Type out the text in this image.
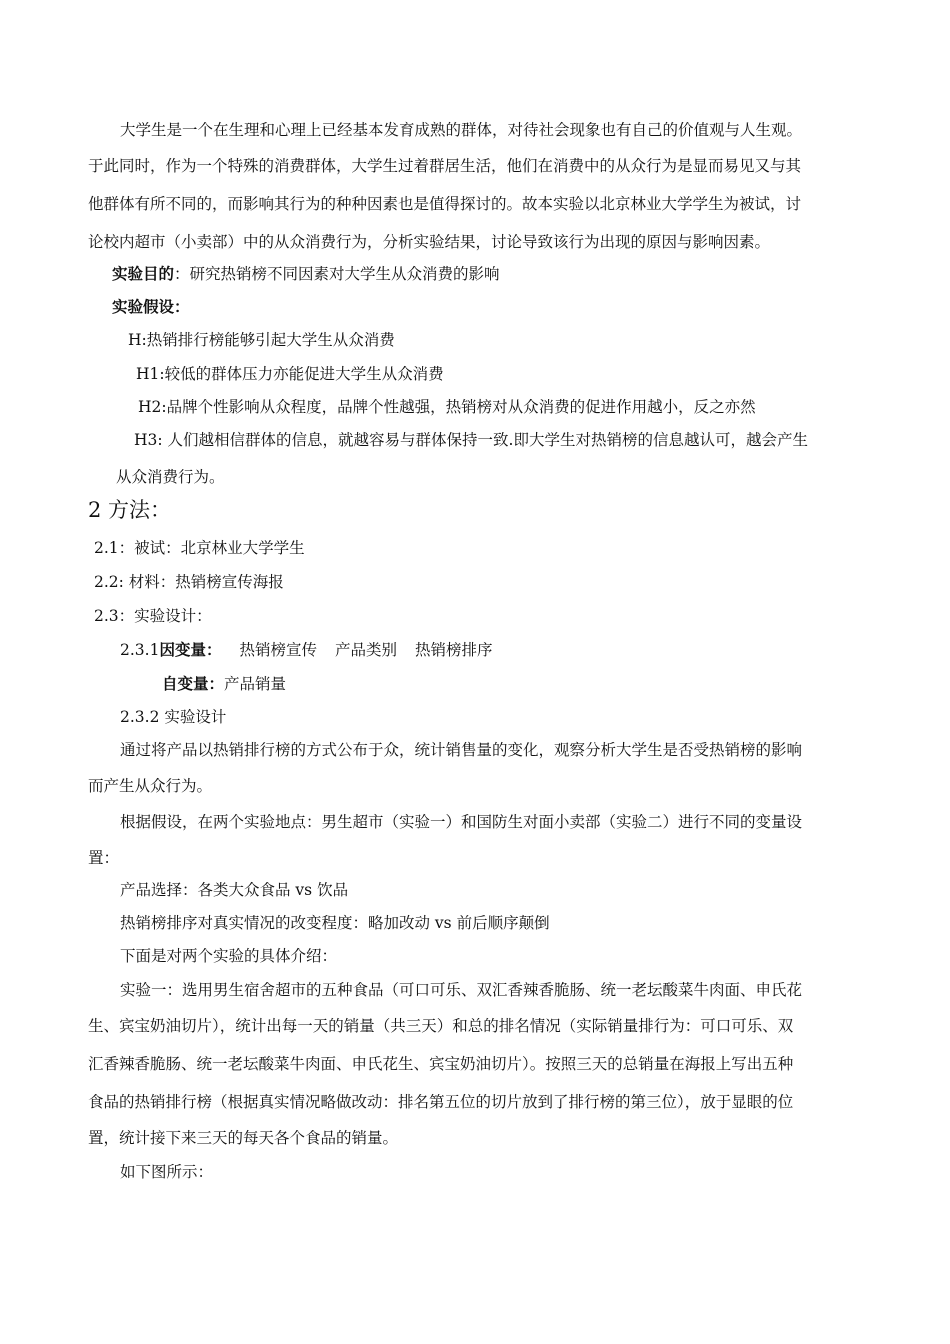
大学生是一个在生理和心理上已经基本发育成熟的群体，对待社会现象也有自己的价值观与人生观。
于此同时，作为一个特殊的消费群体，大学生过着群居生活，他们在消费中的从众行为是显而易见又与其
他群体有所不同的，而影响其行为的种种因素也是值得探讨的。故本实验以北京林业大学学生为被试，讨
论校内超市（小卖部）中的从众消费行为，分析实验结果，讨论导致该行为出现的原因与影响因素。
实验目的：研究热销榜不同因素对大学生从众消费的影响
实验假设：
H:热销排行榜能够引起大学生从众消费
H1:较低的群体压力亦能促进大学生从众消费
H2:品牌个性影响从众程度，品牌个性越强，热销榜对从众消费的促进作用越小，反之亦然
H3: 人们越相信群体的信息，就越容易与群体保持一致.即大学生对热销榜的信息越认可，越会产生
从众消费行为。
2 方法：
2.1：被试：北京林业大学学生
2.2: 材料：热销榜宣传海报
2.3：实验设计：
2.3.1因变量： 热销榜宣传 产品类别 热销榜排序
自变量：产品销量
2.3.2 实验设计
通过将产品以热销排行榜的方式公布于众，统计销售量的变化，观察分析大学生是否受热销榜的影响
而产生从众行为。
根据假设，在两个实验地点：男生超市（实验一）和国防生对面小卖部（实验二）进行不同的变量设
置：
产品选择：各类大众食品 vs 饮品
热销榜排序对真实情况的改变程度：略加改动 vs 前后顺序颠倒
下面是对两个实验的具体介绍：
实验一：选用男生宿舍超市的五种食品（可口可乐、双汇香辣香脆肠、统一老坛酸菜牛肉面、申氏花
生、宾宝奶油切片），统计出每一天的销量（共三天）和总的排名情况（实际销量排行为：可口可乐、双
汇香辣香脆肠、统一老坛酸菜牛肉面、申氏花生、宾宝奶油切片）。按照三天的总销量在海报上写出五种
食品的热销排行榜（根据真实情况略做改动：排名第五位的切片放到了排行榜的第三位），放于显眼的位
置，统计接下来三天的每天各个食品的销量。
如下图所示：
